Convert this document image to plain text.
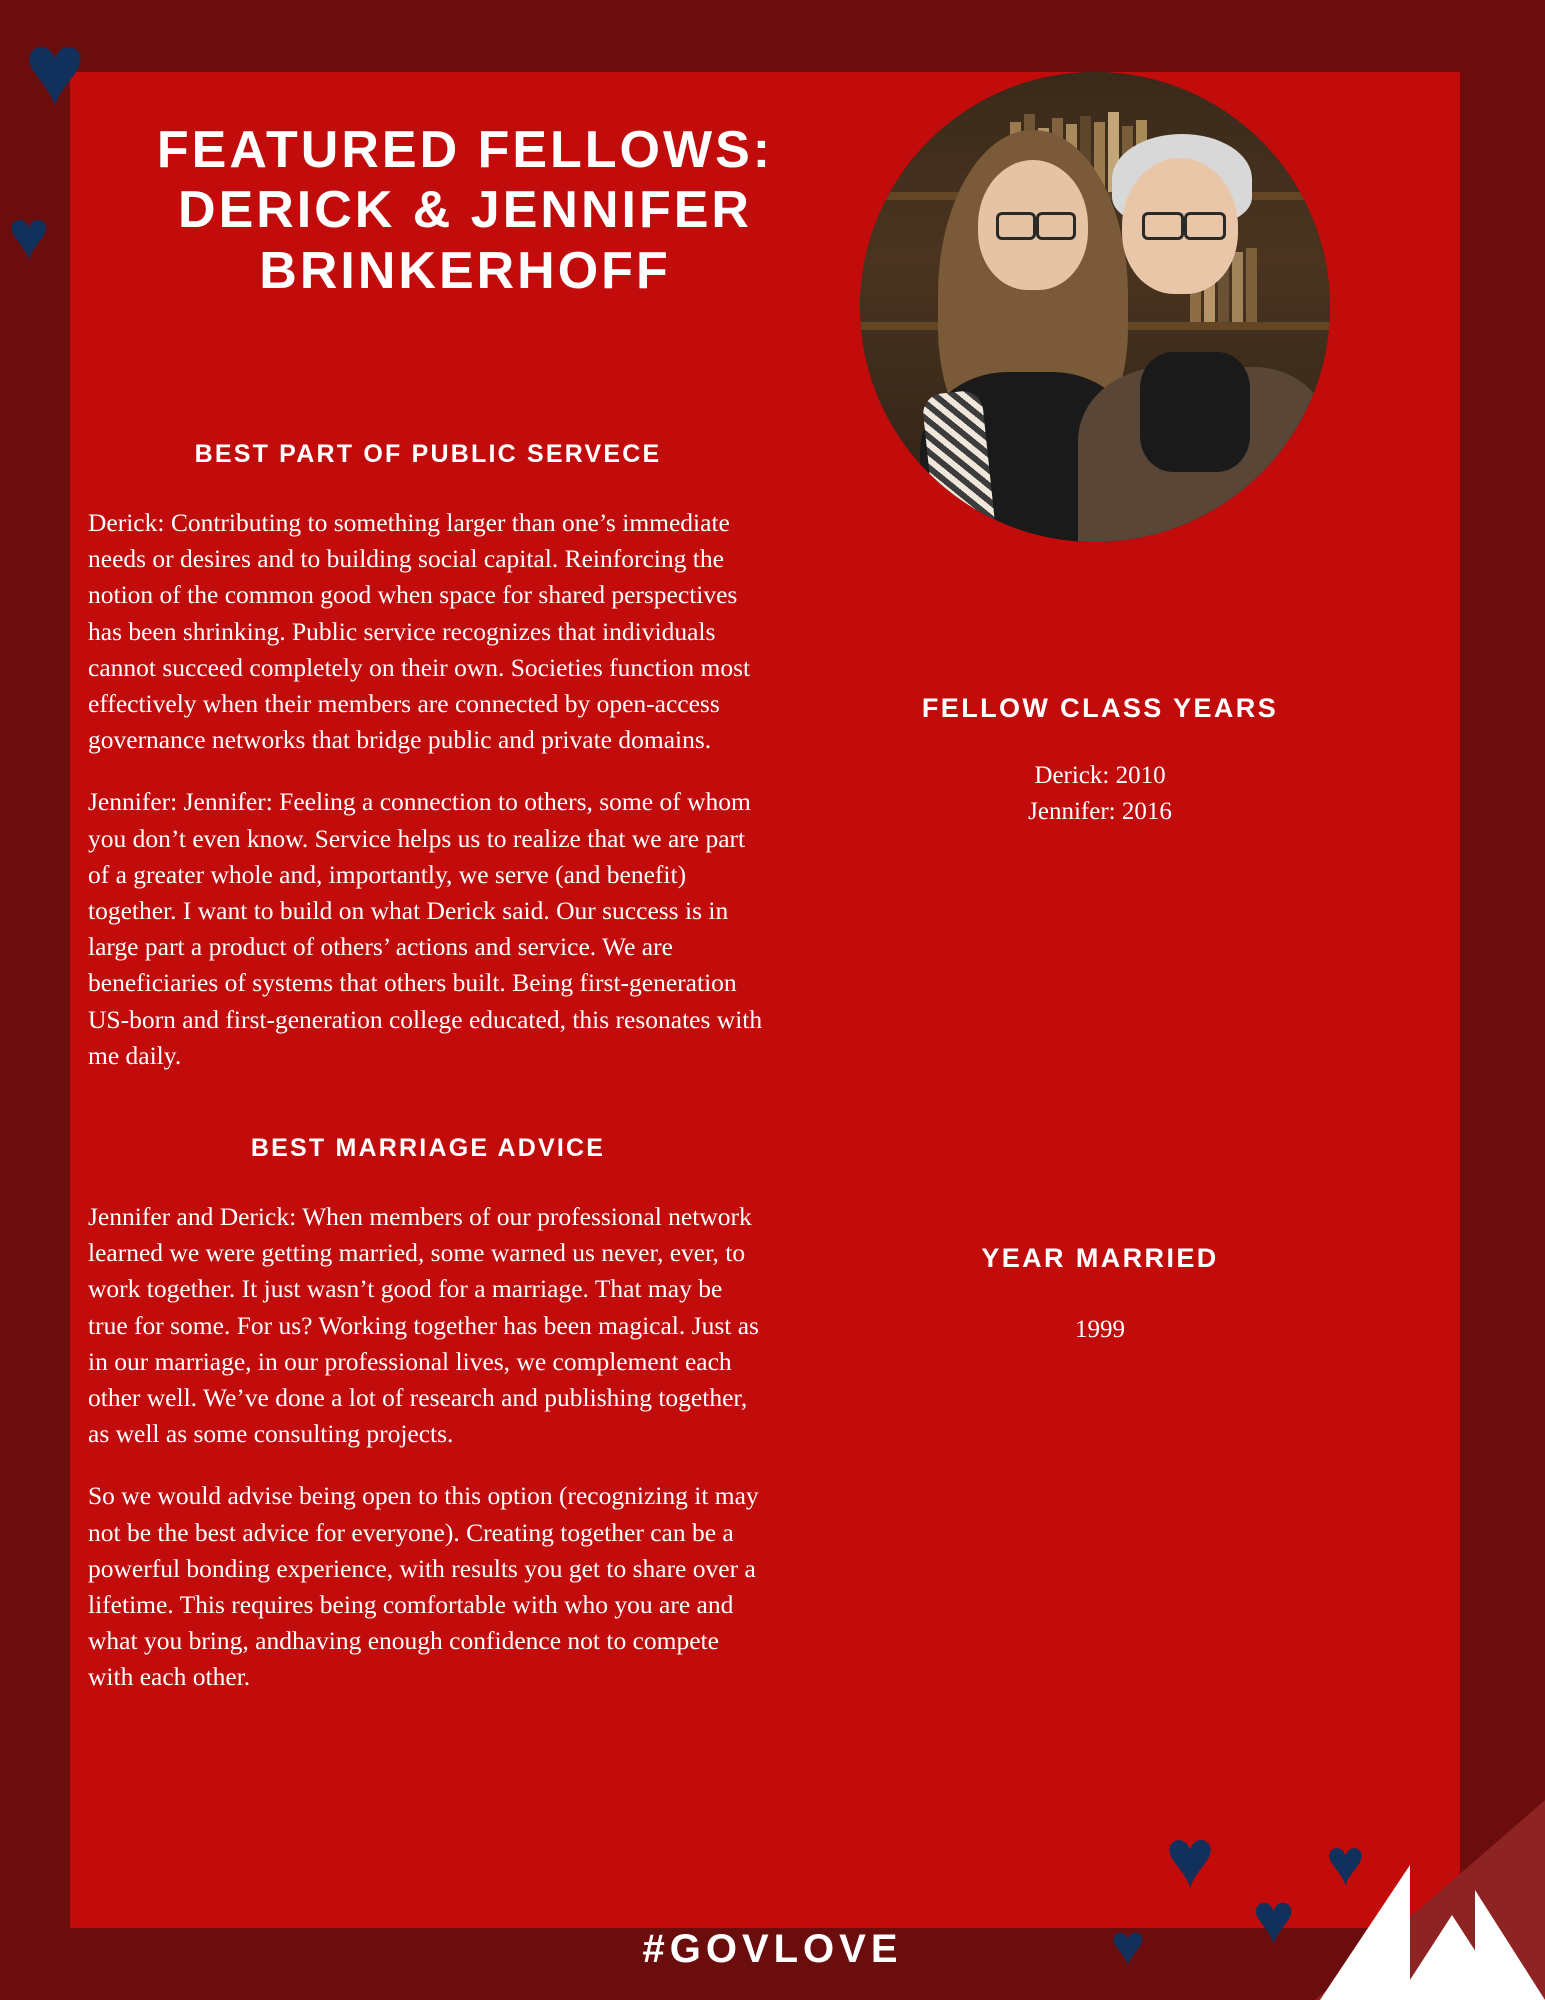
♥
♥
FEATURED FELLOWS:
DERICK & JENNIFER
BRINKERHOFF
BEST PART OF PUBLIC SERVECE
Derick: Contributing to something larger than one’s immediate needs or desires and to building social capital. Reinforcing the notion of the common good when space for shared perspectives has been shrinking. Public service recognizes that individuals cannot succeed completely on their own. Societies function most effectively when their members are connected by open-access governance networks that bridge public and private domains.
Jennifer: Jennifer: Feeling a connection to others, some of whom you don’t even know. Service helps us to realize that we are part of a greater whole and, importantly, we serve (and benefit) together. I want to build on what Derick said. Our success is in large part a product of others’ actions and service. We are beneficiaries of systems that others built. Being first-generation US-born and first-generation college educated, this resonates with me daily.
BEST MARRIAGE ADVICE
Jennifer and Derick: When members of our professional network learned we were getting married, some warned us never, ever, to work together. It just wasn’t good for a marriage. That may be true for some. For us? Working together has been magical. Just as in our marriage, in our professional lives, we complement each other well. We’ve done a lot of research and publishing together, as well as some consulting projects.
So we would advise being open to this option (recognizing it may not be the best advice for everyone). Creating together can be a powerful bonding experience, with results you get to share over a lifetime. This requires being comfortable with who you are and what you bring, andhaving enough confidence not to compete with each other.
FELLOW CLASS YEARS
Derick: 2010
Jennifer: 2016
YEAR MARRIED
1999
♥
♥
♥
♥
#GOVLOVE
